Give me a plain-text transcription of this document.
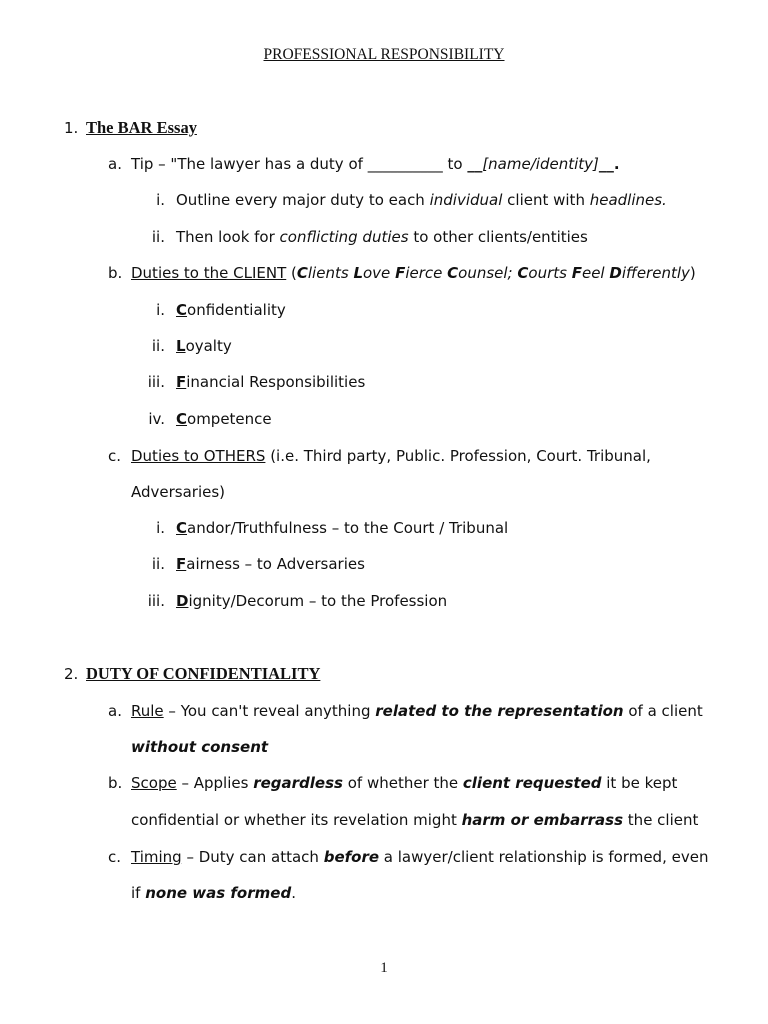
PROFESSIONAL RESPONSIBILITY
1. The BAR Essay
a. Tip – "The lawyer has a duty of __________ to __[name/identity]__.
i. Outline every major duty to each individual client with headlines.
ii. Then look for conflicting duties to other clients/entities
b. Duties to the CLIENT (Clients Love Fierce Counsel; Courts Feel Differently)
i. Confidentiality
ii. Loyalty
iii. Financial Responsibilities
iv. Competence
c. Duties to OTHERS (i.e. Third party, Public. Profession, Court. Tribunal,
Adversaries)
i. Candor/Truthfulness – to the Court / Tribunal
ii. Fairness – to Adversaries
iii. Dignity/Decorum – to the Profession
2. DUTY OF CONFIDENTIALITY
a. Rule – You can't reveal anything related to the representation of a client
without consent
b. Scope – Applies regardless of whether the client requested it be kept
confidential or whether its revelation might harm or embarrass the client
c. Timing – Duty can attach before a lawyer/client relationship is formed, even
if none was formed.
1
